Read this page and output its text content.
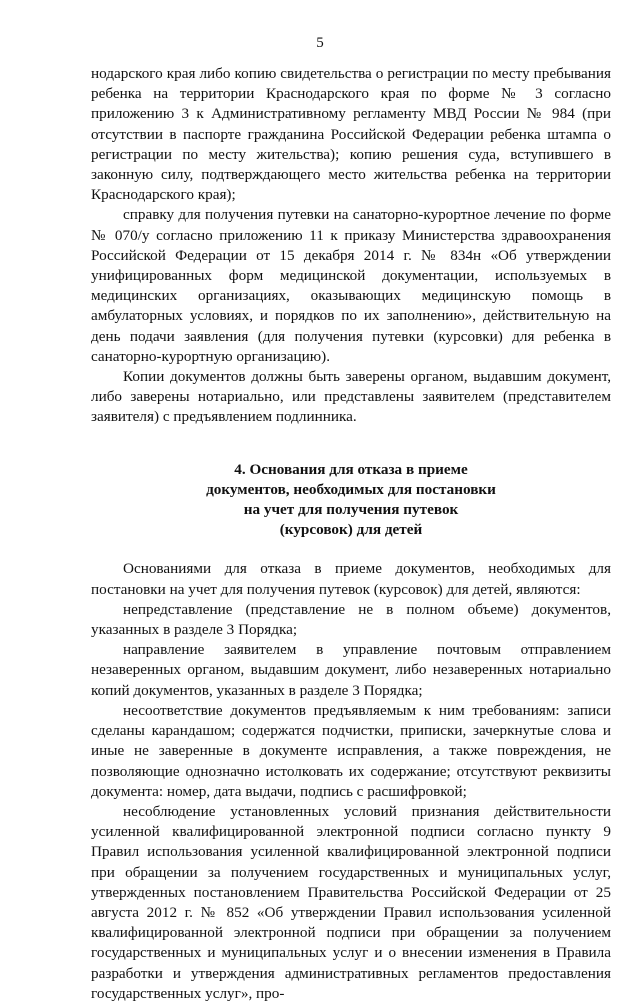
5

нодарского края либо копию свидетельства о регистрации по месту пребывания ребенка на территории Краснодарского края по форме № 3 согласно приложению 3 к Административному регламенту МВД России № 984 (при отсутствии в паспорте гражданина Российской Федерации ребенка штампа о регистрации по месту жительства); копию решения суда, вступившего в законную силу, подтверждающего место жительства ребенка на территории Краснодарского края);

справку для получения путевки на санаторно-курортное лечение по форме № 070/у согласно приложению 11 к приказу Министерства здравоохранения Российской Федерации от 15 декабря 2014 г. № 834н «Об утверждении унифицированных форм медицинской документации, используемых в медицинских организациях, оказывающих медицинскую помощь в амбулаторных условиях, и порядков по их заполнению», действительную на день подачи заявления (для получения путевки (курсовки) для ребенка в санаторно-курортную организацию).

Копии документов должны быть заверены органом, выдавшим документ, либо заверены нотариально, или представлены заявителем (представителем заявителя) с предъявлением подлинника.

4. Основания для отказа в приеме
документов, необходимых для постановки
на учет для получения путевок
(курсовок) для детей

Основаниями для отказа в приеме документов, необходимых для постановки на учет для получения путевок (курсовок) для детей, являются:

непредставление (представление не в полном объеме) документов, указанных в разделе 3 Порядка;

направление заявителем в управление почтовым отправлением незаверенных органом, выдавшим документ, либо незаверенных нотариально копий документов, указанных в разделе 3 Порядка;

несоответствие документов предъявляемым к ним требованиям: записи сделаны карандашом; содержатся подчистки, приписки, зачеркнутые слова и иные не заверенные в документе исправления, а также повреждения, не позволяющие однозначно истолковать их содержание; отсутствуют реквизиты документа: номер, дата выдачи, подпись с расшифровкой;

несоблюдение установленных условий признания действительности усиленной квалифицированной электронной подписи согласно пункту 9 Правил использования усиленной квалифицированной электронной подписи при обращении за получением государственных и муниципальных услуг, утвержденных постановлением Правительства Российской Федерации от 25 августа 2012 г. № 852 «Об утверждении Правил использования усиленной квалифицированной электронной подписи при обращении за получением государственных и муниципальных услуг и о внесении изменения в Правила разработки и утверждения административных регламентов предоставления государственных услуг», про-
